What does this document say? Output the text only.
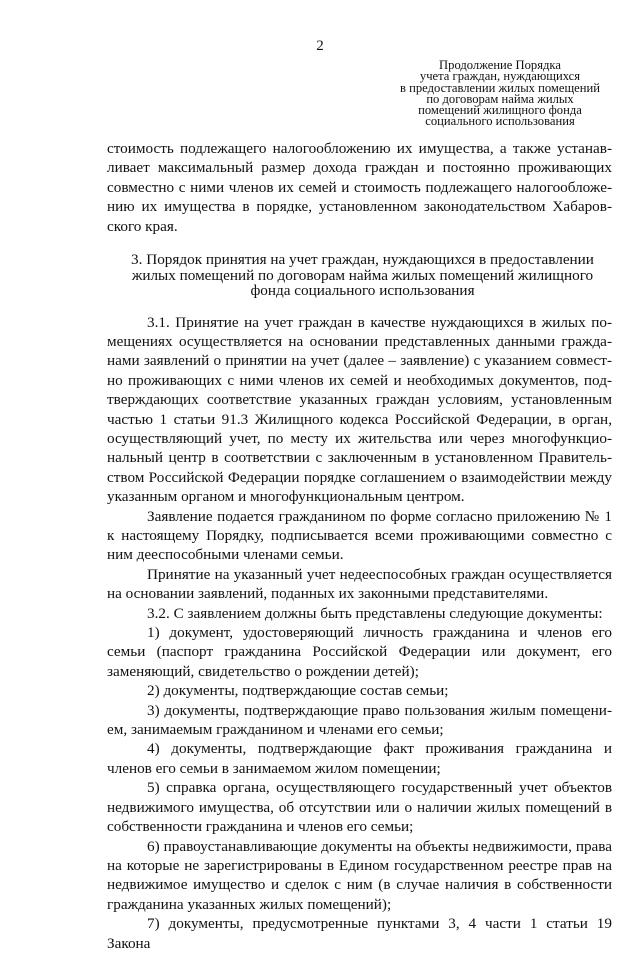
2
Продолжение Порядка
учета граждан, нуждающихся
в предоставлении жилых помещений
по договорам найма жилых
помещений жилищного фонда
социального использования

стоимость подлежащего налогообложению их имущества, а также устанавливает максимальный размер дохода граждан и постоянно проживающих совместно с ними членов их семей и стоимость подлежащего налогообложению их имущества в порядке, установленном законодательством Хабаровского края.

3. Порядок принятия на учет граждан, нуждающихся в предоставлении жилых помещений по договорам найма жилых помещений жилищного фонда социального использования

3.1. Принятие на учет граждан в качестве нуждающихся в жилых помещениях осуществляется на основании представленных данными гражданами заявлений о принятии на учет (далее – заявление) с указанием совместно проживающих с ними членов их семей и необходимых документов, подтверждающих соответствие указанных граждан условиям, установленным частью 1 статьи 91.3 Жилищного кодекса Российской Федерации, в орган, осуществляющий учет, по месту их жительства или через многофункциональный центр в соответствии с заключенным в установленном Правительством Российской Федерации порядке соглашением о взаимодействии между указанным органом и многофункциональным центром.

Заявление подается гражданином по форме согласно приложению № 1 к настоящему Порядку, подписывается всеми проживающими совместно с ним дееспособными членами семьи.

Принятие на указанный учет недееспособных граждан осуществляется на основании заявлений, поданных их законными представителями.

3.2. С заявлением должны быть представлены следующие документы:

1) документ, удостоверяющий личность гражданина и членов его семьи (паспорт гражданина Российской Федерации или документ, его заменяющий, свидетельство о рождении детей);

2) документы, подтверждающие состав семьи;

3) документы, подтверждающие право пользования жилым помещением, занимаемым гражданином и членами его семьи;

4) документы, подтверждающие факт проживания гражданина и членов его семьи в занимаемом жилом помещении;

5) справка органа, осуществляющего государственный учет объектов недвижимого имущества, об отсутствии или о наличии жилых помещений в собственности гражданина и членов его семьи;

6) правоустанавливающие документы на объекты недвижимости, права на которые не зарегистрированы в Едином государственном реестре прав на недвижимое имущество и сделок с ним (в случае наличия в собственности гражданина указанных жилых помещений);

7) документы, предусмотренные пунктами 3, 4 части 1 статьи 19 Закона
